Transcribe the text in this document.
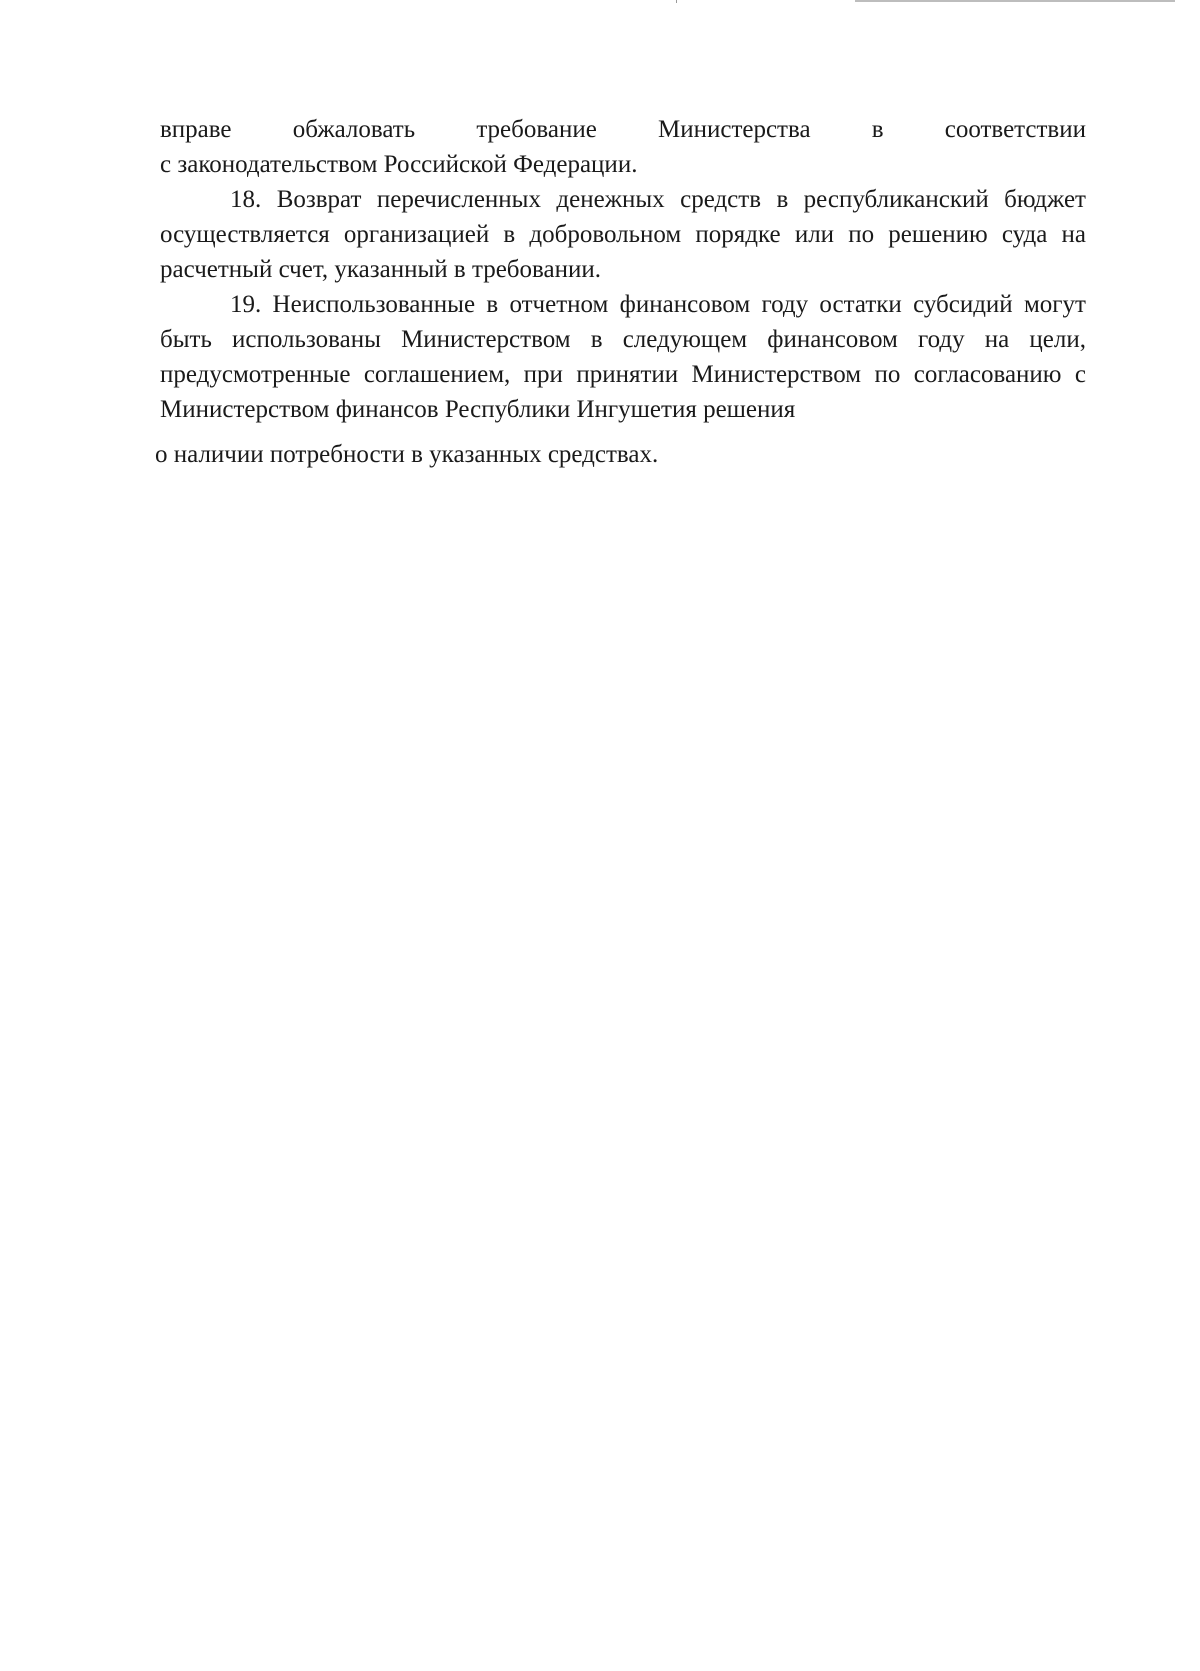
вправе обжаловать требование Министерства в соответствии
с законодательством Российской Федерации.

18. Возврат перечисленных денежных средств в республиканский бюджет осуществляется организацией в добровольном порядке или по решению суда на расчетный счет, указанный в требовании.

19. Неиспользованные в отчетном финансовом году остатки субсидий могут быть использованы Министерством в следующем финансовом году на цели, предусмотренные соглашением, при принятии Министерством по согласованию с Министерством финансов Республики Ингушетия решения

о наличии потребности в указанных средствах.
